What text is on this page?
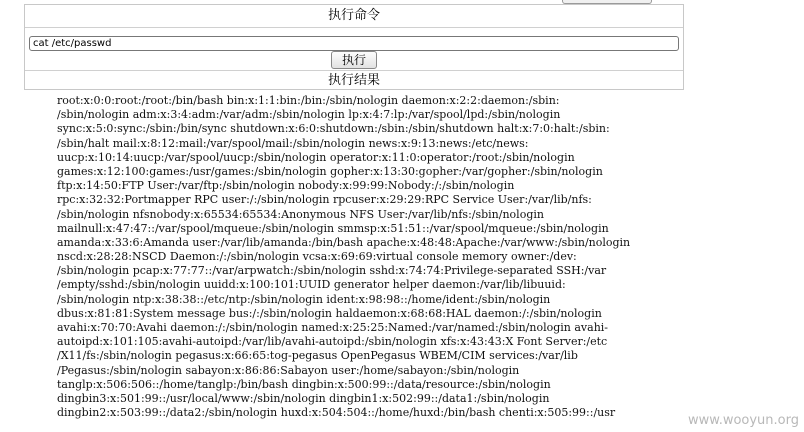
执行命令
cat /etc/passwd
执行
执行结果
root:x:0:0:root:/root:/bin/bash bin:x:1:1:bin:/bin:/sbin/nologin daemon:x:2:2:daemon:/sbin:
/sbin/nologin adm:x:3:4:adm:/var/adm:/sbin/nologin lp:x:4:7:lp:/var/spool/lpd:/sbin/nologin
sync:x:5:0:sync:/sbin:/bin/sync shutdown:x:6:0:shutdown:/sbin:/sbin/shutdown halt:x:7:0:halt:/sbin:
/sbin/halt mail:x:8:12:mail:/var/spool/mail:/sbin/nologin news:x:9:13:news:/etc/news:
uucp:x:10:14:uucp:/var/spool/uucp:/sbin/nologin operator:x:11:0:operator:/root:/sbin/nologin
games:x:12:100:games:/usr/games:/sbin/nologin gopher:x:13:30:gopher:/var/gopher:/sbin/nologin
ftp:x:14:50:FTP User:/var/ftp:/sbin/nologin nobody:x:99:99:Nobody:/:/sbin/nologin
rpc:x:32:32:Portmapper RPC user:/:/sbin/nologin rpcuser:x:29:29:RPC Service User:/var/lib/nfs:
/sbin/nologin nfsnobody:x:65534:65534:Anonymous NFS User:/var/lib/nfs:/sbin/nologin
mailnull:x:47:47::/var/spool/mqueue:/sbin/nologin smmsp:x:51:51::/var/spool/mqueue:/sbin/nologin
amanda:x:33:6:Amanda user:/var/lib/amanda:/bin/bash apache:x:48:48:Apache:/var/www:/sbin/nologin
nscd:x:28:28:NSCD Daemon:/:/sbin/nologin vcsa:x:69:69:virtual console memory owner:/dev:
/sbin/nologin pcap:x:77:77::/var/arpwatch:/sbin/nologin sshd:x:74:74:Privilege-separated SSH:/var
/empty/sshd:/sbin/nologin uuidd:x:100:101:UUID generator helper daemon:/var/lib/libuuid:
/sbin/nologin ntp:x:38:38::/etc/ntp:/sbin/nologin ident:x:98:98::/home/ident:/sbin/nologin
dbus:x:81:81:System message bus:/:/sbin/nologin haldaemon:x:68:68:HAL daemon:/:/sbin/nologin
avahi:x:70:70:Avahi daemon:/:/sbin/nologin named:x:25:25:Named:/var/named:/sbin/nologin avahi-
autoipd:x:101:105:avahi-autoipd:/var/lib/avahi-autoipd:/sbin/nologin xfs:x:43:43:X Font Server:/etc
/X11/fs:/sbin/nologin pegasus:x:66:65:tog-pegasus OpenPegasus WBEM/CIM services:/var/lib
/Pegasus:/sbin/nologin sabayon:x:86:86:Sabayon user:/home/sabayon:/sbin/nologin
tanglp:x:506:506::/home/tanglp:/bin/bash dingbin:x:500:99::/data/resource:/sbin/nologin
dingbin3:x:501:99::/usr/local/www:/sbin/nologin dingbin1:x:502:99::/data1:/sbin/nologin
dingbin2:x:503:99::/data2:/sbin/nologin huxd:x:504:504::/home/huxd:/bin/bash chenti:x:505:99::/usr
www.wooyun.org
